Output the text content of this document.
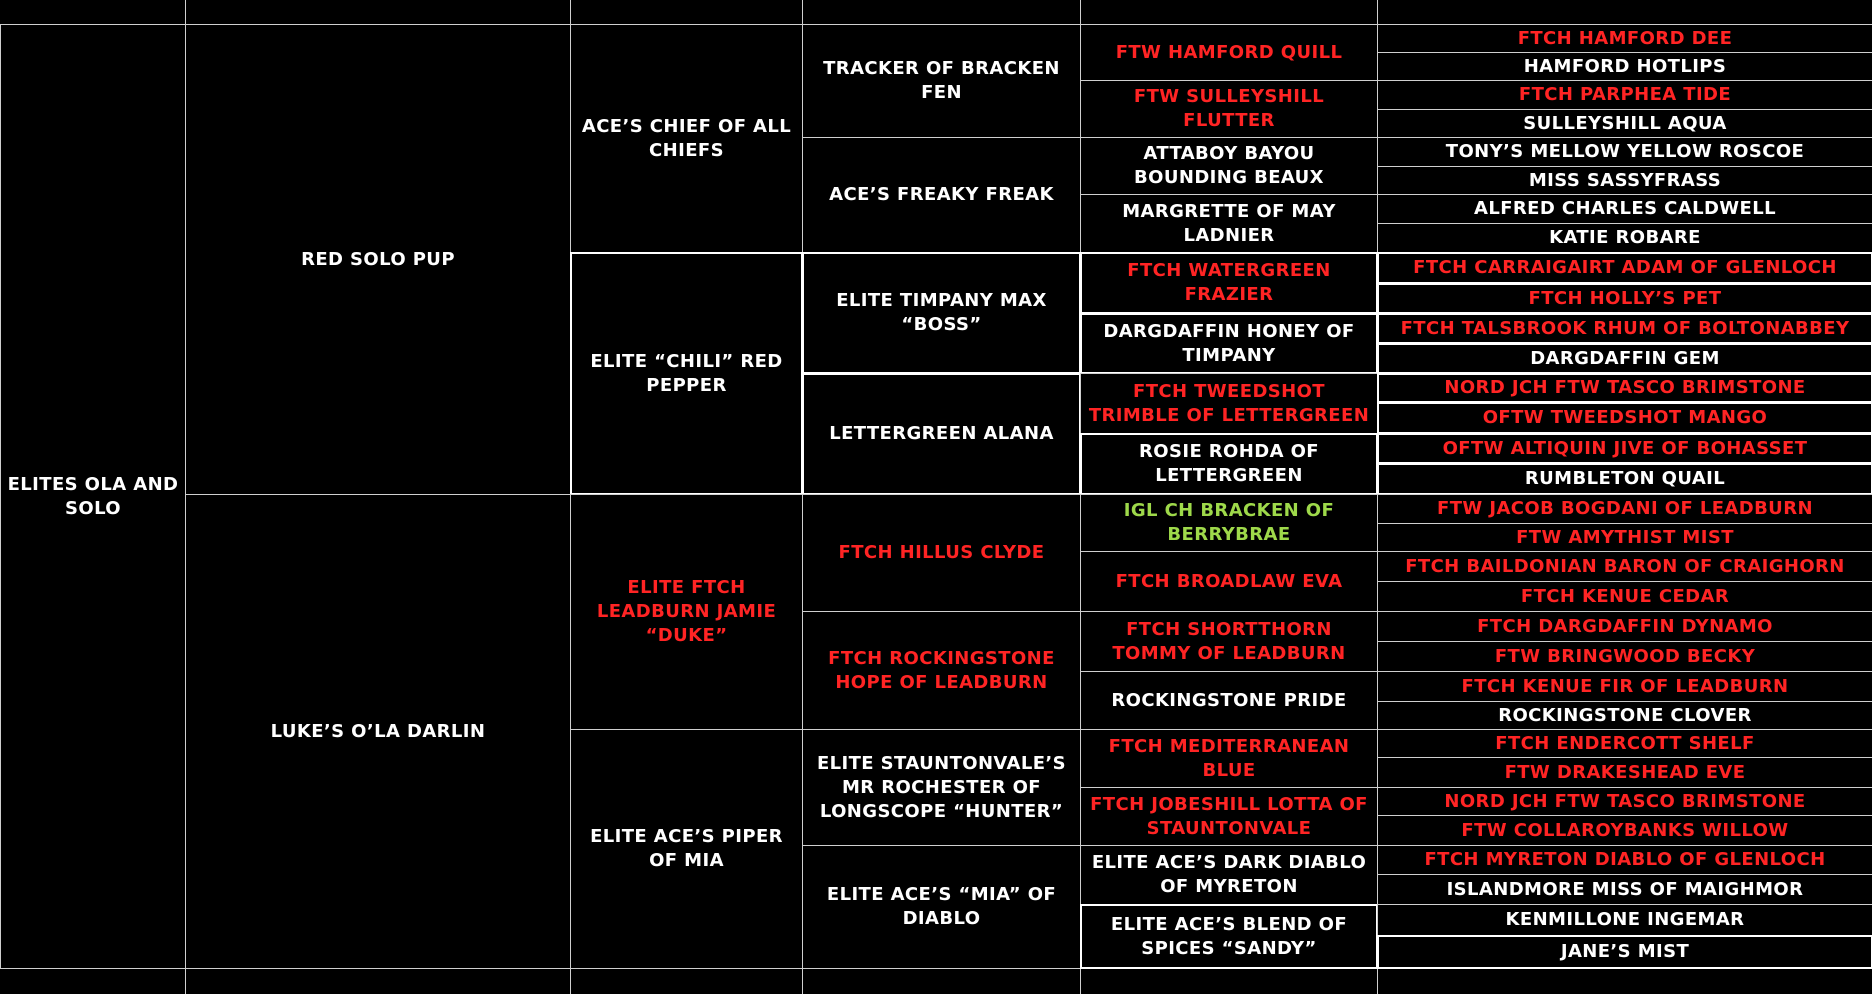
ELITES OLA AND SOLO
RED SOLO PUP
LUKE’S O’LA DARLIN
ACE’S CHIEF OF ALL CHIEFS
ELITE “CHILI” RED PEPPER
ELITE FTCH LEADBURN JAMIE “DUKE”
ELITE ACE’S PIPER OF MIA
TRACKER OF BRACKEN FEN
ACE’S FREAKY FREAK
ELITE TIMPANY MAX “BOSS”
LETTERGREEN ALANA
FTCH HILLUS CLYDE
FTCH ROCKINGSTONE HOPE OF LEADBURN
ELITE STAUNTONVALE’S MR ROCHESTER OF LONGSCOPE “HUNTER”
ELITE ACE’S “MIA” OF DIABLO
FTW HAMFORD QUILL
FTW SULLEYSHILL FLUTTER
ATTABOY BAYOU BOUNDING BEAUX
MARGRETTE OF MAY LADNIER
FTCH WATERGREEN FRAZIER
DARGDAFFIN HONEY OF TIMPANY
FTCH TWEEDSHOT TRIMBLE OF LETTERGREEN
ROSIE ROHDA OF LETTERGREEN
IGL CH BRACKEN OF BERRYBRAE
FTCH BROADLAW EVA
FTCH SHORTTHORN TOMMY OF LEADBURN
ROCKINGSTONE PRIDE
FTCH MEDITERRANEAN BLUE
FTCH JOBESHILL LOTTA OF STAUNTONVALE
ELITE ACE’S DARK DIABLO OF MYRETON
ELITE ACE’S BLEND OF SPICES “SANDY”
FTCH HAMFORD DEE
HAMFORD HOTLIPS
FTCH PARPHEA TIDE
SULLEYSHILL AQUA
TONY’S MELLOW YELLOW ROSCOE
MISS SASSYFRASS
ALFRED CHARLES CALDWELL
KATIE ROBARE
FTCH CARRAIGAIRT ADAM OF GLENLOCH
FTCH HOLLY’S PET
FTCH TALSBROOK RHUM OF BOLTONABBEY
DARGDAFFIN GEM
NORD JCH FTW TASCO BRIMSTONE
OFTW TWEEDSHOT MANGO
OFTW ALTIQUIN JIVE OF BOHASSET
RUMBLETON QUAIL
FTW JACOB BOGDANI OF LEADBURN
FTW AMYTHIST MIST
FTCH BAILDONIAN BARON OF CRAIGHORN
FTCH KENUE CEDAR
FTCH DARGDAFFIN DYNAMO
FTW BRINGWOOD BECKY
FTCH KENUE FIR OF LEADBURN
ROCKINGSTONE CLOVER
FTCH ENDERCOTT SHELF
FTW DRAKESHEAD EVE
NORD JCH FTW TASCO BRIMSTONE
FTW COLLAROYBANKS WILLOW
FTCH MYRETON DIABLO OF GLENLOCH
ISLANDMORE MISS OF MAIGHMOR
KENMILLONE INGEMAR
JANE’S MIST
